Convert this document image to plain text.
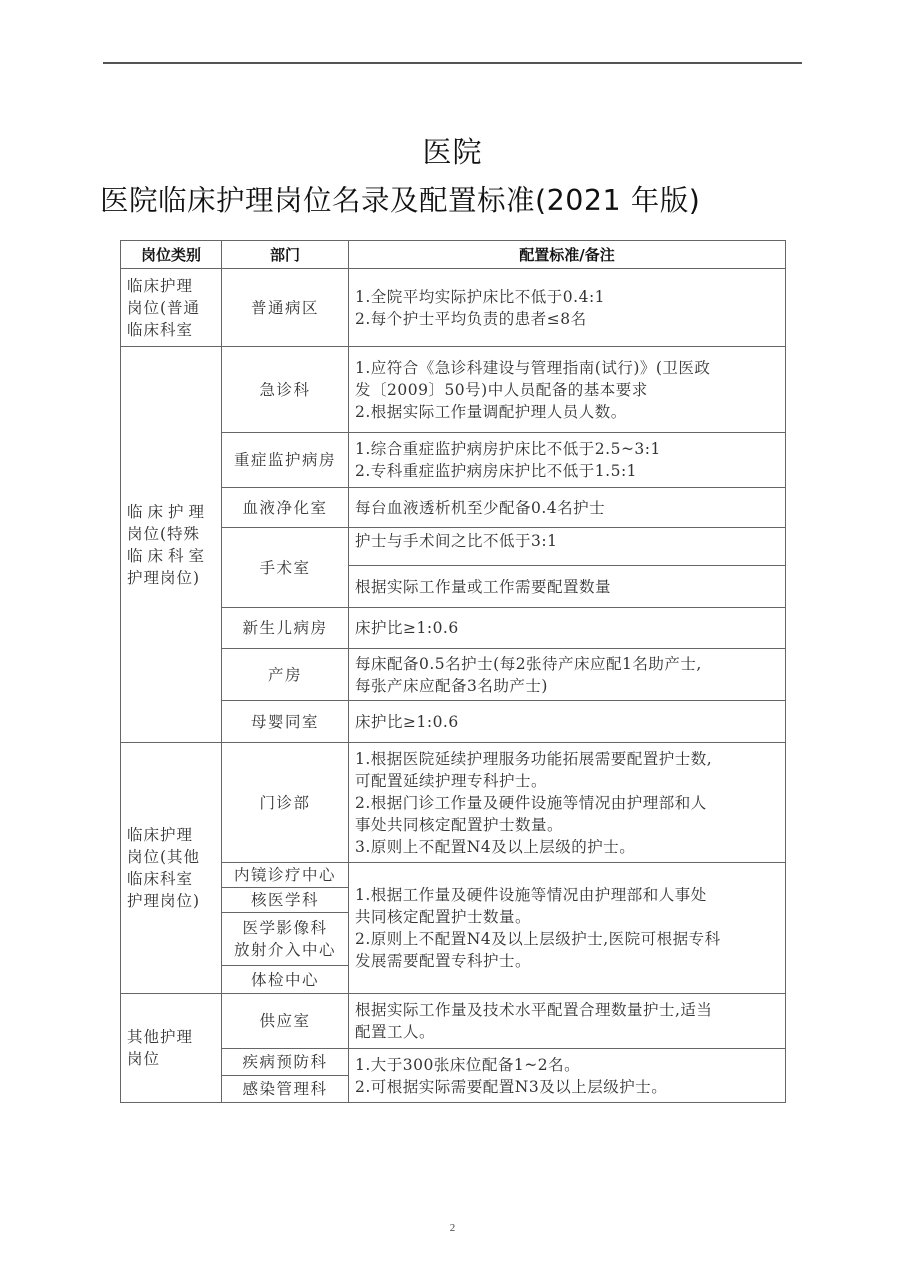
医院
医院临床护理岗位名录及配置标准(2021 年版)
岗位类别	部门	配置标准/备注

临床护理
岗位(普通
临床科室	普通病区	1.全院平均实际护床比不低于0.4:1
2.每个护士平均负责的患者≤8名

临床护理
岗位(特殊
临床科室
护理岗位)	急诊科	1.应符合《急诊科建设与管理指南(试行)》(卫医政
发〔2009〕50号)中人员配备的基本要求
2.根据实际工作量调配护理人员人数。

	重症监护病房	1.综合重症监护病房护床比不低于2.5~3:1
2.专科重症监护病房床护比不低于1.5:1

	血液净化室	每台血液透析机至少配备0.4名护士

	手术室	护士与手术间之比不低于3:1

		根据实际工作量或工作需要配置数量

	新生儿病房	床护比≥1:0.6

	产房	每床配备0.5名护士(每2张待产床应配1名助产士,
每张产床应配备3名助产士)

	母婴同室	床护比≥1:0.6

临床护理
岗位(其他
临床科室
护理岗位)	门诊部	1.根据医院延续护理服务功能拓展需要配置护士数,
可配置延续护理专科护士。
2.根据门诊工作量及硬件设施等情况由护理部和人
事处共同核定配置护士数量。
3.原则上不配置N4及以上层级的护士。

	内镜诊疗中心	1.根据工作量及硬件设施等情况由护理部和人事处
共同核定配置护士数量。
2.原则上不配置N4及以上层级护士,医院可根据专科
发展需要配置专科护士。

	核医学科	

	医学影像科
放射介入中心	

	体检中心	

其他护理
岗位	供应室	根据实际工作量及技术水平配置合理数量护士,适当
配置工人。

	疾病预防科	1.大于300张床位配备1~2名。
2.可根据实际需要配置N3及以上层级护士。

	感染管理科	
2
